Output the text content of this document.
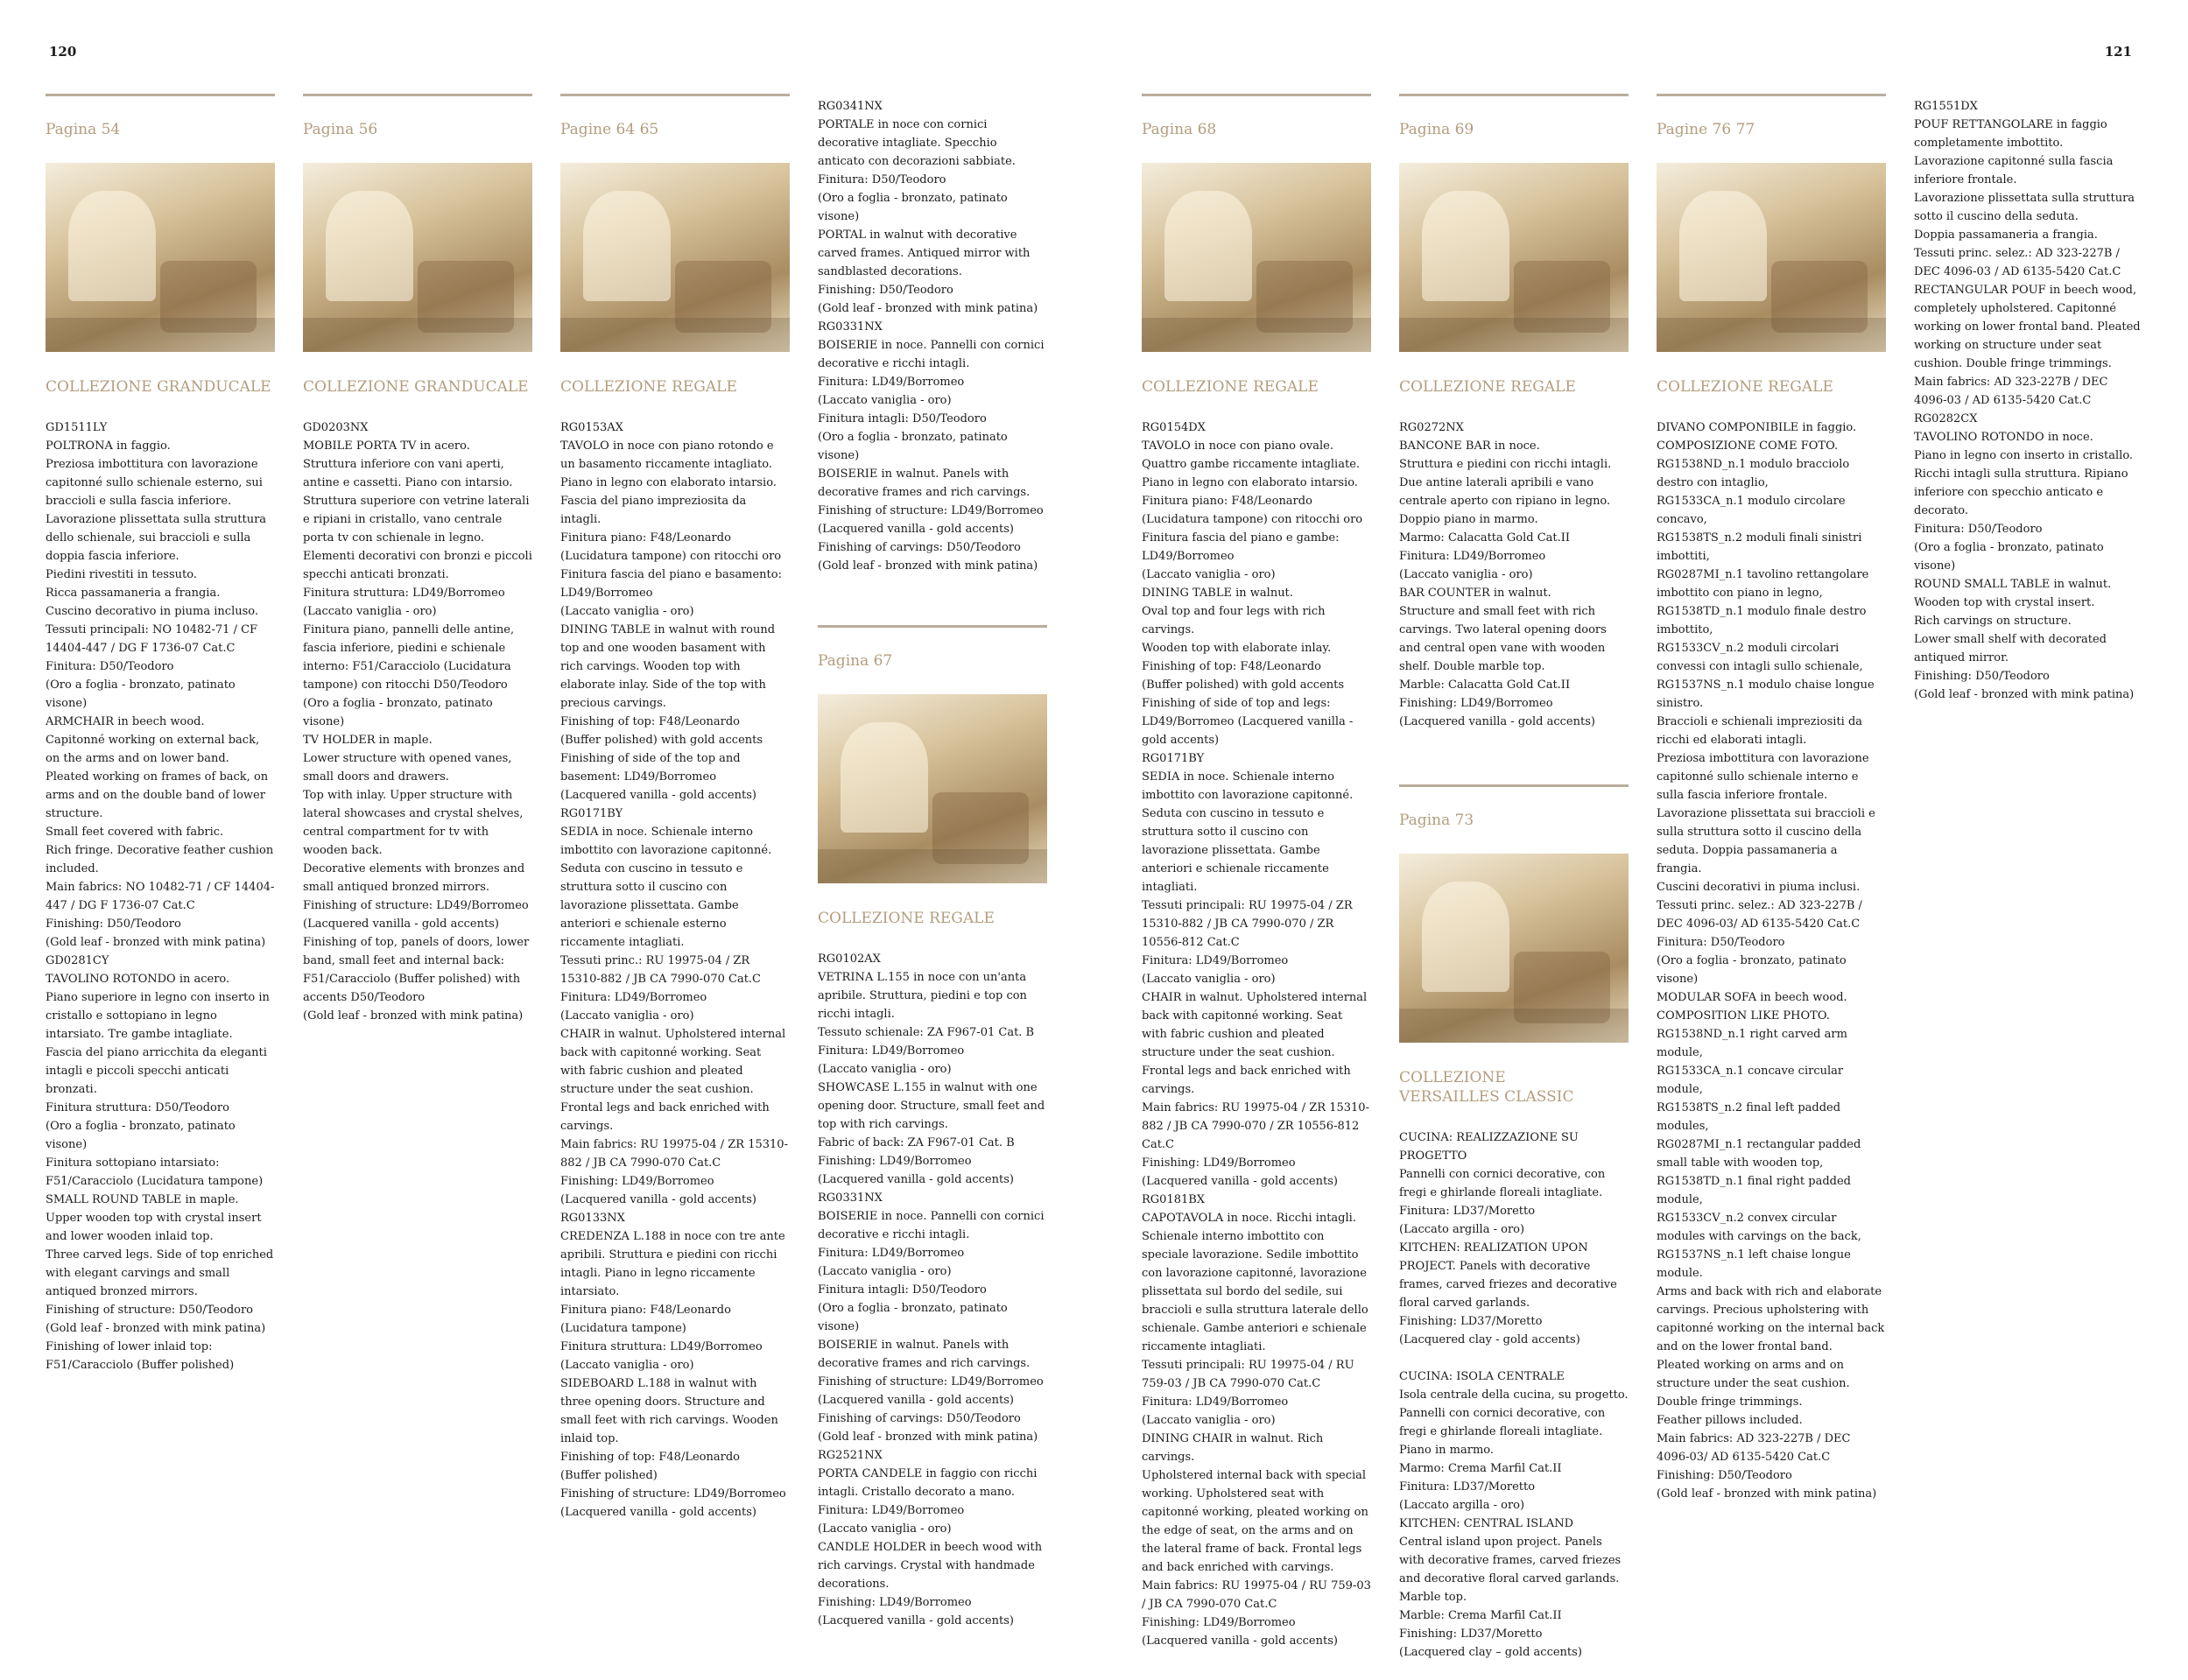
120	121

Pagina 54

COLLEZIONE GRANDUCALE

GD1511LY
POLTRONA in faggio.
Preziosa imbottitura con lavorazione capitonné sullo schienale esterno, sui braccioli e sulla fascia inferiore.
Lavorazione plissettata sulla struttura dello schienale, sui braccioli e sulla doppia fascia inferiore.
Piedini rivestiti in tessuto.
Ricca passamaneria a frangia.
Cuscino decorativo in piuma incluso.
Tessuti principali: NO 10482-71 / CF 14404-447 / DG F 1736-07 Cat.C
Finitura: D50/Teodoro
(Oro a foglia - bronzato, patinato visone)
ARMCHAIR in beech wood.
Capitonné working on external back, on the arms and on lower band.
Pleated working on frames of back, on arms and on the double band of lower structure.
Small feet covered with fabric.
Rich fringe. Decorative feather cushion included.
Main fabrics: NO 10482-71 / CF 14404-447 / DG F 1736-07 Cat.C
Finishing: D50/Teodoro
(Gold leaf - bronzed with mink patina)
GD0281CY
TAVOLINO ROTONDO in acero.
Piano superiore in legno con inserto in cristallo e sottopiano in legno intarsiato. Tre gambe intagliate.
Fascia del piano arricchita da eleganti intagli e piccoli specchi anticati bronzati.
Finitura struttura: D50/Teodoro
(Oro a foglia - bronzato, patinato visone)
Finitura sottopiano intarsiato: F51/Caracciolo (Lucidatura tampone)
SMALL ROUND TABLE in maple.
Upper wooden top with crystal insert and lower wooden inlaid top.
Three carved legs. Side of top enriched with elegant carvings and small antiqued bronzed mirrors.
Finishing of structure: D50/Teodoro
(Gold leaf - bronzed with mink patina)
Finishing of lower inlaid top: F51/Caracciolo (Buffer polished)

Pagina 56

COLLEZIONE GRANDUCALE

GD0203NX
MOBILE PORTA TV in acero.
Struttura inferiore con vani aperti, antine e cassetti. Piano con intarsio.
Struttura superiore con vetrine laterali e ripiani in cristallo, vano centrale porta tv con schienale in legno. Elementi decorativi con bronzi e piccoli specchi anticati bronzati.
Finitura struttura: LD49/Borromeo
(Laccato vaniglia - oro)
Finitura piano, pannelli delle antine, fascia inferiore, piedini e schienale interno: F51/Caracciolo (Lucidatura tampone) con ritocchi D50/Teodoro
(Oro a foglia - bronzato, patinato visone)
TV HOLDER in maple.
Lower structure with opened vanes, small doors and drawers.
Top with inlay. Upper structure with lateral showcases and crystal shelves, central compartment for tv with wooden back.
Decorative elements with bronzes and small antiqued bronzed mirrors.
Finishing of structure: LD49/Borromeo
(Lacquered vanilla - gold accents)
Finishing of top, panels of doors, lower band, small feet and internal back: F51/Caracciolo (Buffer polished) with accents D50/Teodoro
(Gold leaf - bronzed with mink patina)

Pagine 64 65

COLLEZIONE REGALE

RG0153AX
TAVOLO in noce con piano rotondo e un basamento riccamente intagliato.
Piano in legno con elaborato intarsio.
Fascia del piano impreziosita da intagli.
Finitura piano: F48/Leonardo
(Lucidatura tampone) con ritocchi oro
Finitura fascia del piano e basamento: LD49/Borromeo
(Laccato vaniglia - oro)
DINING TABLE in walnut with round top and one wooden basament with rich carvings. Wooden top with elaborate inlay. Side of the top with precious carvings.
Finishing of top: F48/Leonardo
(Buffer polished) with gold accents
Finishing of side of the top and basement: LD49/Borromeo
(Lacquered vanilla - gold accents)
RG0171BY
SEDIA in noce. Schienale interno imbottito con lavorazione capitonné.
Seduta con cuscino in tessuto e struttura sotto il cuscino con lavorazione plissettata. Gambe anteriori e schienale esterno riccamente intagliati.
Tessuti princ.: RU 19975-04 / ZR 15310-882 / JB CA 7990-070 Cat.C
Finitura: LD49/Borromeo
(Laccato vaniglia - oro)
CHAIR in walnut. Upholstered internal back with capitonné working. Seat with fabric cushion and pleated structure under the seat cushion. Frontal legs and back enriched with carvings.
Main fabrics: RU 19975-04 / ZR 15310- 882 / JB CA 7990-070 Cat.C
Finishing: LD49/Borromeo
(Lacquered vanilla - gold accents)
RG0133NX
CREDENZA L.188 in noce con tre ante apribili. Struttura e piedini con ricchi intagli. Piano in legno riccamente intarsiato.
Finitura piano: F48/Leonardo
(Lucidatura tampone)
Finitura struttura: LD49/Borromeo
(Laccato vaniglia - oro)
SIDEBOARD L.188 in walnut with three opening doors. Structure and small feet with rich carvings. Wooden inlaid top.
Finishing of top: F48/Leonardo
(Buffer polished)
Finishing of structure: LD49/Borromeo
(Lacquered vanilla - gold accents)

RG0341NX
PORTALE in noce con cornici decorative intagliate. Specchio anticato con decorazioni sabbiate.
Finitura: D50/Teodoro
(Oro a foglia - bronzato, patinato visone)
PORTAL in walnut with decorative carved frames. Antiqued mirror with sandblasted decorations.
Finishing: D50/Teodoro
(Gold leaf - bronzed with mink patina)
RG0331NX
BOISERIE in noce. Pannelli con cornici decorative e ricchi intagli.
Finitura: LD49/Borromeo
(Laccato vaniglia - oro)
Finitura intagli: D50/Teodoro
(Oro a foglia - bronzato, patinato visone)
BOISERIE in walnut. Panels with decorative frames and rich carvings.
Finishing of structure: LD49/Borromeo
(Lacquered vanilla - gold accents)
Finishing of carvings: D50/Teodoro
(Gold leaf - bronzed with mink patina)

Pagina 67

COLLEZIONE REGALE

RG0102AX
VETRINA L.155 in noce con un'anta apribile. Struttura, piedini e top con ricchi intagli.
Tessuto schienale: ZA F967-01 Cat. B
Finitura: LD49/Borromeo
(Laccato vaniglia - oro)
SHOWCASE L.155 in walnut with one opening door. Structure, small feet and top with rich carvings.
Fabric of back: ZA F967-01 Cat. B
Finishing: LD49/Borromeo
(Lacquered vanilla - gold accents)
RG0331NX
BOISERIE in noce. Pannelli con cornici decorative e ricchi intagli.
Finitura: LD49/Borromeo
(Laccato vaniglia - oro)
Finitura intagli: D50/Teodoro
(Oro a foglia - bronzato, patinato visone)
BOISERIE in walnut. Panels with decorative frames and rich carvings.
Finishing of structure: LD49/Borromeo
(Lacquered vanilla - gold accents)
Finishing of carvings: D50/Teodoro
(Gold leaf - bronzed with mink patina)
RG2521NX
PORTA CANDELE in faggio con ricchi intagli. Cristallo decorato a mano.
Finitura: LD49/Borromeo
(Laccato vaniglia - oro)
CANDLE HOLDER in beech wood with rich carvings. Crystal with handmade decorations.
Finishing: LD49/Borromeo
(Lacquered vanilla - gold accents)

Pagina 68

COLLEZIONE REGALE

RG0154DX
TAVOLO in noce con piano ovale.
Quattro gambe riccamente intagliate.
Piano in legno con elaborato intarsio.
Finitura piano: F48/Leonardo
(Lucidatura tampone) con ritocchi oro
Finitura fascia del piano e gambe: LD49/Borromeo
(Laccato vaniglia - oro)
DINING TABLE in walnut.
Oval top and four legs with rich carvings.
Wooden top with elaborate inlay.
Finishing of top: F48/Leonardo
(Buffer polished) with gold accents
Finishing of side of top and legs: LD49/Borromeo (Lacquered vanilla - gold accents)
RG0171BY
SEDIA in noce. Schienale interno imbottito con lavorazione capitonné.
Seduta con cuscino in tessuto e struttura sotto il cuscino con lavorazione plissettata. Gambe anteriori e schienale riccamente intagliati.
Tessuti principali: RU 19975-04 / ZR 15310-882 / JB CA 7990-070 / ZR 10556-812 Cat.C
Finitura: LD49/Borromeo
(Laccato vaniglia - oro)
CHAIR in walnut. Upholstered internal back with capitonné working. Seat with fabric cushion and pleated structure under the seat cushion. Frontal legs and back enriched with carvings.
Main fabrics: RU 19975-04 / ZR 15310-882 / JB CA 7990-070 / ZR 10556-812 Cat.C
Finishing: LD49/Borromeo
(Lacquered vanilla - gold accents)
RG0181BX
CAPOTAVOLA in noce. Ricchi intagli.
Schienale interno imbottito con speciale lavorazione. Sedile imbottito con lavorazione capitonné, lavorazione plissettata sul bordo del sedile, sui braccioli e sulla struttura laterale dello schienale. Gambe anteriori e schienale riccamente intagliati.
Tessuti principali: RU 19975-04 / RU 759-03 / JB CA 7990-070 Cat.C
Finitura: LD49/Borromeo
(Laccato vaniglia - oro)
DINING CHAIR in walnut. Rich carvings.
Upholstered internal back with special working. Upholstered seat with capitonné working, pleated working on the edge of seat, on the arms and on the lateral frame of back. Frontal legs and back enriched with carvings.
Main fabrics: RU 19975-04 / RU 759-03 / JB CA 7990-070 Cat.C
Finishing: LD49/Borromeo
(Lacquered vanilla - gold accents)

Pagina 69

COLLEZIONE REGALE

RG0272NX
BANCONE BAR in noce.
Struttura e piedini con ricchi intagli.
Due antine laterali apribili e vano centrale aperto con ripiano in legno.
Doppio piano in marmo.
Marmo: Calacatta Gold Cat.II
Finitura: LD49/Borromeo
(Laccato vaniglia - oro)
BAR COUNTER in walnut.
Structure and small feet with rich carvings. Two lateral opening doors and central open vane with wooden shelf. Double marble top.
Marble: Calacatta Gold Cat.II
Finishing: LD49/Borromeo
(Lacquered vanilla - gold accents)

Pagina 73

COLLEZIONE
VERSAILLES CLASSIC

CUCINA: REALIZZAZIONE SU PROGETTO
Pannelli con cornici decorative, con fregi e ghirlande floreali intagliate.
Finitura: LD37/Moretto
(Laccato argilla - oro)
KITCHEN: REALIZATION UPON PROJECT. Panels with decorative frames, carved friezes and decorative floral carved garlands.
Finishing: LD37/Moretto
(Lacquered clay - gold accents)

CUCINA: ISOLA CENTRALE
Isola centrale della cucina, su progetto.
Pannelli con cornici decorative, con fregi e ghirlande floreali intagliate. Piano in marmo.
Marmo: Crema Marfil Cat.II
Finitura: LD37/Moretto
(Laccato argilla - oro)
KITCHEN: CENTRAL ISLAND
Central island upon project. Panels with decorative frames, carved friezes and decorative floral carved garlands. Marble top.
Marble: Crema Marfil Cat.II
Finishing: LD37/Moretto
(Lacquered clay – gold accents)

Pagine 76 77

COLLEZIONE REGALE

DIVANO COMPONIBILE in faggio.
COMPOSIZIONE COME FOTO.
RG1538ND_n.1 modulo bracciolo destro con intaglio,
RG1533CA_n.1 modulo circolare concavo,
RG1538TS_n.2 moduli finali sinistri imbottiti,
RG0287MI_n.1 tavolino rettangolare imbottito con piano in legno,
RG1538TD_n.1 modulo finale destro imbottito,
RG1533CV_n.2 moduli circolari convessi con intagli sullo schienale,
RG1537NS_n.1 modulo chaise longue sinistro.
Braccioli e schienali impreziositi da ricchi ed elaborati intagli.
Preziosa imbottitura con lavorazione capitonné sullo schienale interno e sulla fascia inferiore frontale.
Lavorazione plissettata sui braccioli e sulla struttura sotto il cuscino della seduta. Doppia passamaneria a frangia.
Cuscini decorativi in piuma inclusi.
Tessuti princ. selez.: AD 323-227B / DEC 4096-03/ AD 6135-5420 Cat.C
Finitura: D50/Teodoro
(Oro a foglia - bronzato, patinato visone)
MODULAR SOFA in beech wood.
COMPOSITION LIKE PHOTO.
RG1538ND_n.1 right carved arm module,
RG1533CA_n.1 concave circular module,
RG1538TS_n.2 final left padded modules,
RG0287MI_n.1 rectangular padded small table with wooden top,
RG1538TD_n.1 final right padded module,
RG1533CV_n.2 convex circular modules with carvings on the back,
RG1537NS_n.1 left chaise longue module.
Arms and back with rich and elaborate carvings. Precious upholstering with capitonné working on the internal back and on the lower frontal band.
Pleated working on arms and on structure under the seat cushion.
Double fringe trimmings.
Feather pillows included.
Main fabrics: AD 323-227B / DEC 4096-03/ AD 6135-5420 Cat.C
Finishing: D50/Teodoro
(Gold leaf - bronzed with mink patina)

RG1551DX
POUF RETTANGOLARE in faggio completamente imbottito.
Lavorazione capitonné sulla fascia inferiore frontale.
Lavorazione plissettata sulla struttura sotto il cuscino della seduta.
Doppia passamaneria a frangia.
Tessuti princ. selez.: AD 323-227B / DEC 4096-03 / AD 6135-5420 Cat.C
RECTANGULAR POUF in beech wood, completely upholstered. Capitonné working on lower frontal band. Pleated working on structure under seat cushion. Double fringe trimmings.
Main fabrics: AD 323-227B / DEC 4096-03 / AD 6135-5420 Cat.C
RG0282CX
TAVOLINO ROTONDO in noce.
Piano in legno con inserto in cristallo. Ricchi intagli sulla struttura. Ripiano inferiore con specchio anticato e decorato.
Finitura: D50/Teodoro
(Oro a foglia - bronzato, patinato visone)
ROUND SMALL TABLE in walnut.
Wooden top with crystal insert.
Rich carvings on structure.
Lower small shelf with decorated antiqued mirror.
Finishing: D50/Teodoro
(Gold leaf - bronzed with mink patina)
